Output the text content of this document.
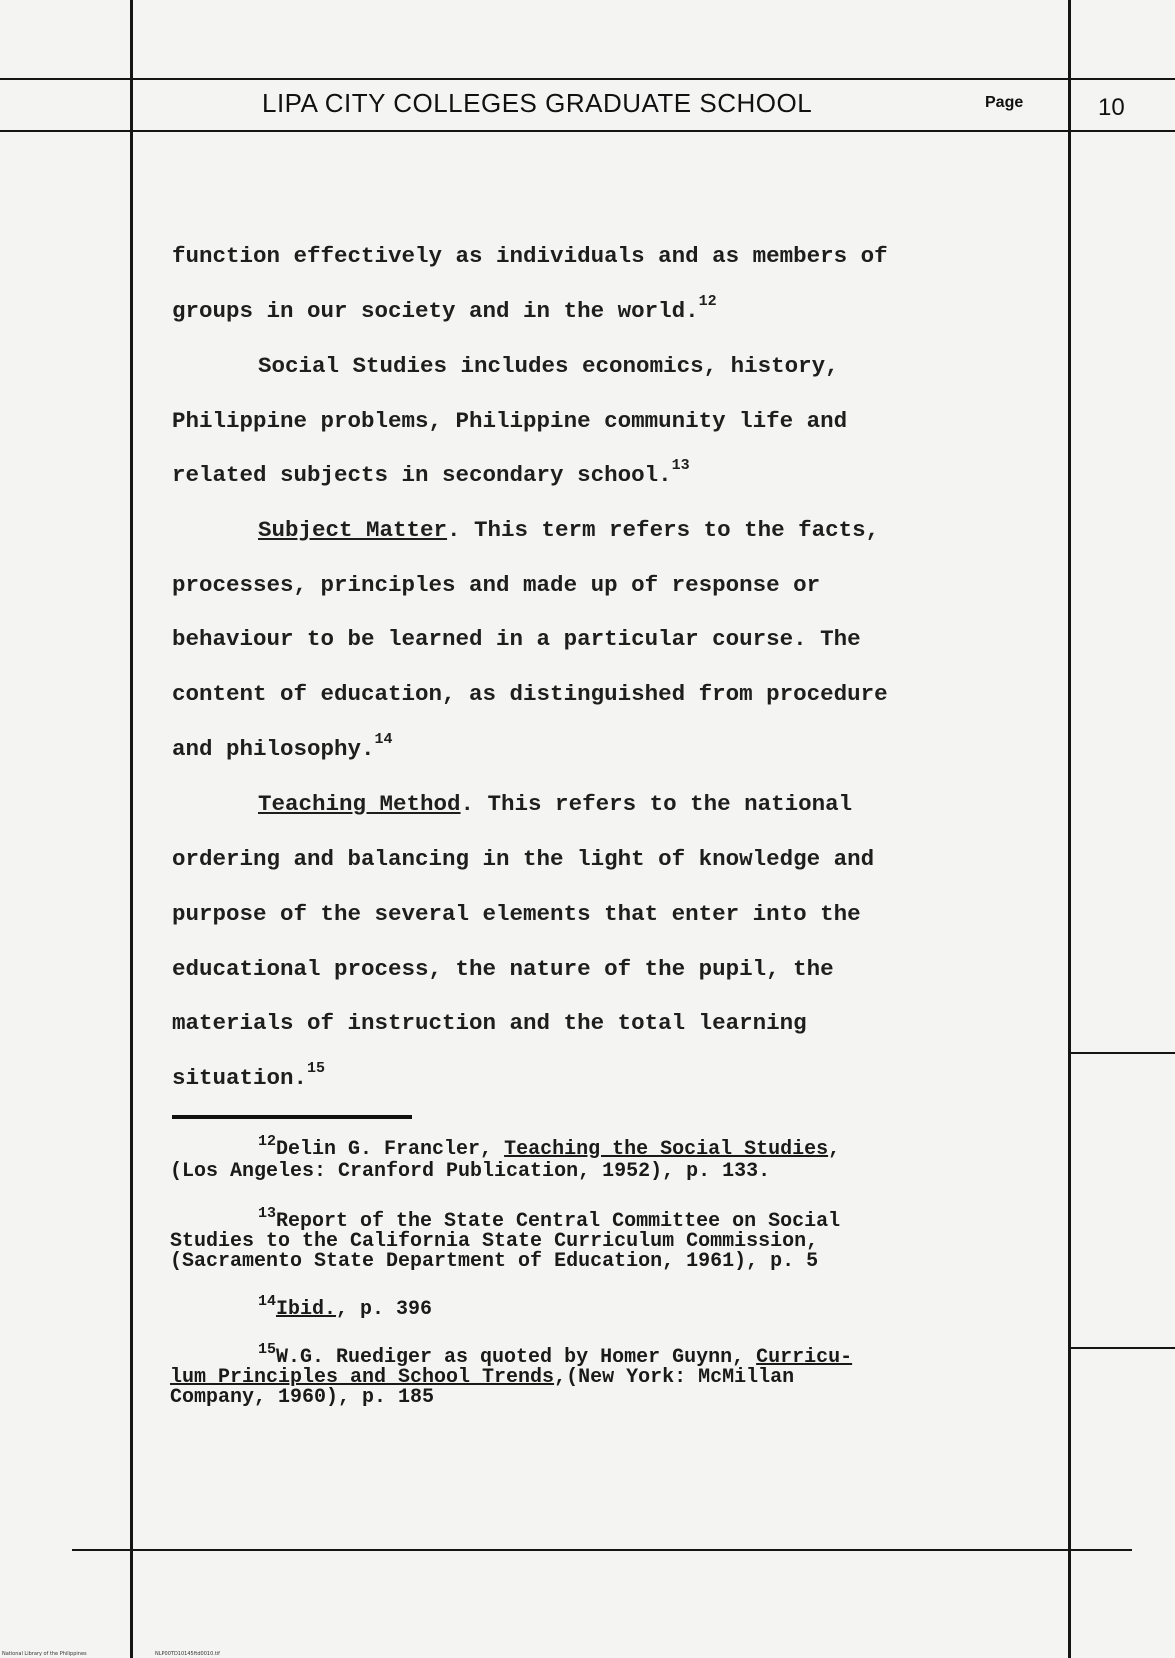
LIPA CITY COLLEGES GRADUATE SCHOOL	Page	10
function effectively as individuals and as members of
groups in our society and in the world.$^{12}$
Social Studies includes economics, history,
Philippine problems, Philippine community life and
related subjects in secondary school.$^{13}$
Subject Matter. This term refers to the facts,
processes, principles and made up of response or
behaviour to be learned in a particular course. The
content of education, as distinguished from procedure
and philosophy.$^{14}$
Teaching Method. This refers to the national
ordering and balancing in the light of knowledge and
purpose of the several elements that enter into the
educational process, the nature of the pupil, the
materials of instruction and the total learning
situation.$^{15}$
$^{12}$Delin G. Francler, Teaching the Social Studies,
(Los Angeles: Cranford Publication, 1952), p. 133.
$^{13}$Report of the State Central Committee on Social
Studies to the California State Curriculum Commission,
(Sacramento State Department of Education, 1961), p. 5
$^{14}$Ibid., p. 396
$^{15}$W.G. Ruediger as quoted by Homer Guynn, Curricu-
lum Principles and School Trends,(New York: McMillan
Company, 1960), p. 185
National Library of the Philippines	NLP00TD10145ftd0010.tif
